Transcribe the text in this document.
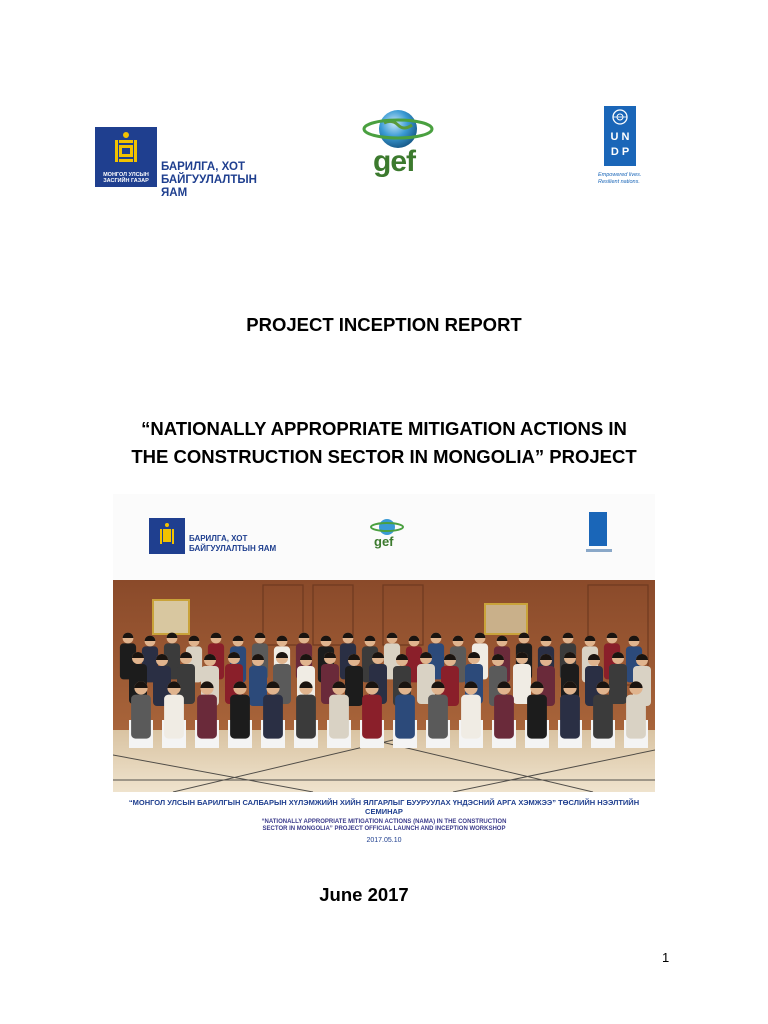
МОНГОЛ УЛСЫН ЗАСГИЙН ГАЗАР
БАРИЛГА, ХОТ
БАЙГУУЛАЛТЫН ЯАМ
gef
U N
D P
Empowered lives.
Resilient nations.
PROJECT INCEPTION REPORT
“NATIONALLY APPROPRIATE MITIGATION ACTIONS IN
THE CONSTRUCTION SECTOR IN MONGOLIA” PROJECT
БАРИЛГА, ХОТ
БАЙГУУЛАЛТЫН ЯАМ	gef
“МОНГОЛ УЛСЫН БАРИЛГЫН САЛБАРЫН ХҮЛЭМЖИЙН ХИЙН ЯЛГАРЛЫГ БУУРУУЛАХ ҮНДЭСНИЙ АРГА ХЭМЖЭЭ” ТӨСЛИЙН НЭЭЛТИЙН СЕМИНАР
“NATIONALLY APPROPRIATE MITIGATION ACTIONS (NAMA) IN THE CONSTRUCTION
SECTOR IN MONGOLIA” PROJECT OFFICIAL LAUNCH AND INCEPTION WORKSHOP
2017.05.10
June 2017
1
